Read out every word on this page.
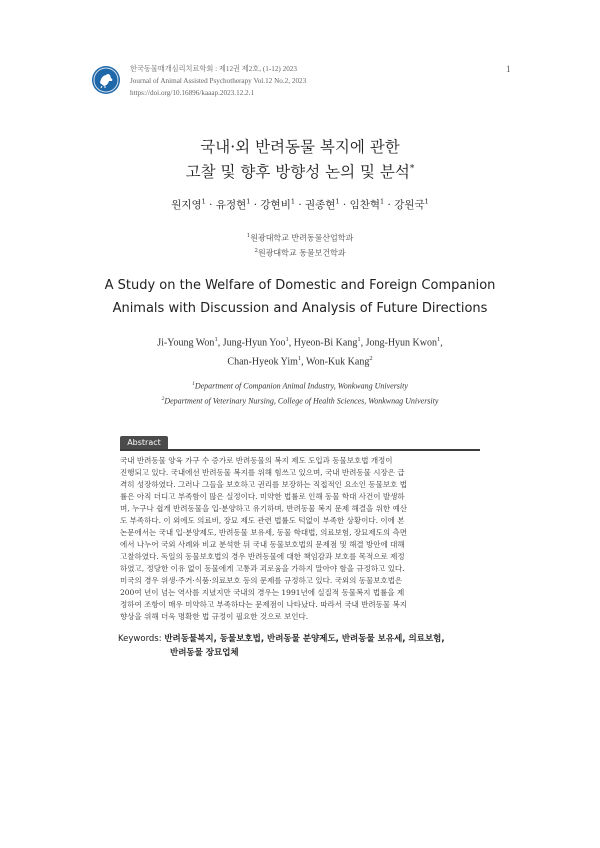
한국동물매개심리치료학회 : 제12권 제2호, (1-12) 2023
Journal of Animal Assisted Psychotherapy Vol.12 No.2, 2023
https://doi.org/10.16896/kaaap.2023.12.2.1
1
국내·외 반려동물 복지에 관한
고찰 및 향후 방향성 논의 및 분석*
원지영$^1$ · 유정현$^1$ · 강현비$^1$ · 권종현$^1$ · 임찬혁$^1$ · 강원국$^1$
$^1$원광대학교 반려동물산업학과
$^2$원광대학교 동물보건학과
A Study on the Welfare of Domestic and Foreign Companion
Animals with Discussion and Analysis of Future Directions
Ji-Young Won$^1$, Jung-Hyun Yoo$^1$, Hyeon-Bi Kang$^1$, Jong-Hyun Kwon$^1$,
Chan-Hyeok Yim$^1$, Won-Kuk Kang$^2$
$^1$Department of Companion Animal Industry, Wonkwang University
$^2$Department of Veterinary Nursing, College of Health Sciences, Wonkwnag University
Abstract
국내 반려동물 양육 가구 수 증가로 반려동물의 복지 제도 도입과 동물보호법 개정이
진행되고 있다. 국내에선 반려동물 복지를 위해 힘쓰고 있으며, 국내 반려동물 시장은 급
격히 성장하였다. 그러나 그들을 보호하고 권리를 보장하는 직접적인 요소인 동물보호 법
률은 아직 더디고 부족함이 많은 실정이다. 미약한 법률로 인해 동물 학대 사건이 발생하
며, 누구나 쉽게 반려동물을 입·분양하고 유기하며, 반려동물 복지 문제 해결을 위한 예산
도 부족하다. 이 외에도 의료비, 장묘 제도 관련 법률도 턱없이 부족한 상황이다. 이에 본
논문에서는 국내 입·분양제도, 반려동물 보유세, 동물 학대법, 의료보험, 장묘제도의 측면
에서 나누어 국외 사례와 비교 분석한 뒤 국내 동물보호법의 문제점 및 해결 방안에 대해
고찰하였다. 독일의 동물보호법의 경우 반려동물에 대한 책임감과 보호를 목적으로 제정
하였고, 정당한 이유 없이 동물에게 고통과 괴로움을 가하지 말아야 함을 규정하고 있다.
미국의 경우 위생·주거·식품·의료보호 등의 문제를 규정하고 있다. 국외의 동물보호법은
200여 년이 넘는 역사를 지녔지만 국내의 경우는 1991년에 실질적 동물복지 법률을 제
정하여 조항이 매우 미약하고 부족하다는 문제점이 나타났다. 따라서 국내 반려동물 복지
향상을 위해 더욱 명확한 법 규정이 필요한 것으로 보인다.
Keywords: 반려동물복지, 동물보호법, 반려동물 분양제도, 반려동물 보유세, 의료보험,
반려동물 장묘업체
